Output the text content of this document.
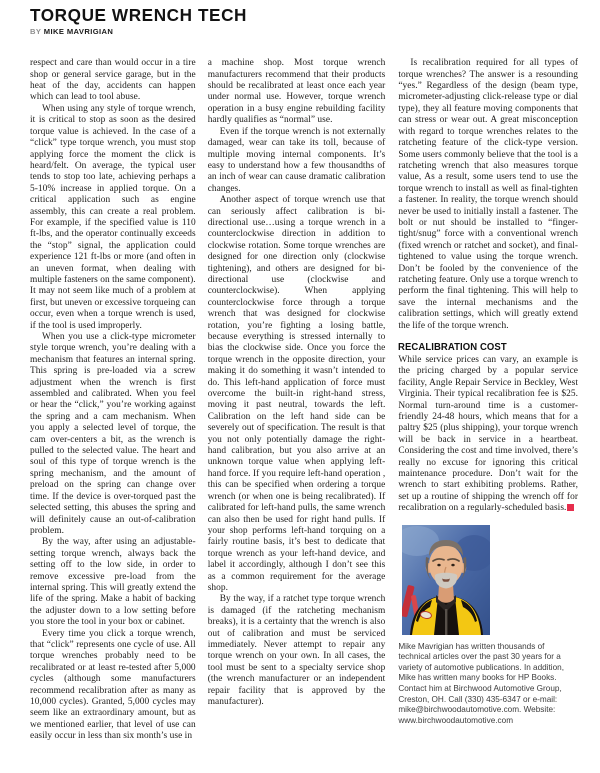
TORQUE WRENCH TECH
BY MIKE MAVRIGIAN

respect and care than would occur in a tire shop or general service garage, but in the heat of the day, accidents can happen which can lead to tool abuse.

When using any style of torque wrench, it is critical to stop as soon as the desired torque value is achieved. In the case of a “click” type torque wrench, you must stop applying force the moment the click is heard/felt. On average, the typical user tends to stop too late, achieving perhaps a 5-10% increase in applied torque. On a critical application such as engine assembly, this can create a real problem. For example, if the specified value is 110 ft-lbs, and the operator continually exceeds the “stop” signal, the application could experience 121 ft-lbs or more (and often in an uneven format, when dealing with multiple fasteners on the same component). It may not seem like much of a problem at first, but uneven or excessive torqueing can occur, even when a torque wrench is used, if the tool is used improperly.

When you use a click-type micrometer style torque wrench, you’re dealing with a mechanism that features an internal spring. This spring is pre-loaded via a screw adjustment when the wrench is first assembled and calibrated. When you feel or hear the “click,” you’re working against the spring and a cam mechanism. When you apply a selected level of torque, the cam over-centers a bit, as the wrench is pulled to the selected value. The heart and soul of this type of torque wrench is the spring mechanism, and the amount of preload on the spring can change over time. If the device is over-torqued past the selected setting, this abuses the spring and will definitely cause an out-of-calibration problem.

By the way, after using an adjustable-setting torque wrench, always back the setting off to the low side, in order to remove excessive pre-load from the internal spring. This will greatly extend the life of the spring. Make a habit of backing the adjuster down to a low setting before you store the tool in your box or cabinet.

Every time you click a torque wrench, that “click” represents one cycle of use. All torque wrenches probably need to be recalibrated or at least re-tested after 5,000 cycles (although some manufacturers recommend recalibration after as many as 10,000 cycles). Granted, 5,000 cycles may seem like an extraordinary amount, but as we mentioned earlier, that level of use can easily occur in less than six month’s use in

a machine shop. Most torque wrench manufacturers recommend that their products should be recalibrated at least once each year under normal use. However, torque wrench operation in a busy engine rebuilding facility hardly qualifies as “normal” use.

Even if the torque wrench is not externally damaged, wear can take its toll, because of multiple moving internal components. It’s easy to understand how a few thousandths of an inch of wear can cause dramatic calibration changes.

Another aspect of torque wrench use that can seriously affect calibration is bi-directional use…using a torque wrench in a counterclockwise direction in addition to clockwise rotation. Some torque wrenches are designed for one direction only (clockwise tightening), and others are designed for bi-directional use (clockwise and counterclockwise). When applying counterclockwise force through a torque wrench that was designed for clockwise rotation, you’re fighting a losing battle, because everything is stressed internally to bias the clockwise side. Once you force the torque wrench in the opposite direction, your making it do something it wasn’t intended to do. This left-hand application of force must overcome the built-in right-hand stress, moving it past neutral, towards the left. Calibration on the left hand side can be severely out of specification. The result is that you not only potentially damage the right-hand calibration, but you also arrive at an unknown torque value when applying left-hand force. If you require left-hand operation , this can be specified when ordering a torque wrench (or when one is being recalibrated). If calibrated for left-hand pulls, the same wrench can also then be used for right hand pulls. If your shop performs left-hand torquing on a fairly routine basis, it’s best to dedicate that torque wrench as your left-hand device, and label it accordingly, although I don’t see this as a common requirement for the average shop.

By the way, if a ratchet type torque wrench is damaged (if the ratcheting mechanism breaks), it is a certainty that the wrench is also out of calibration and must be serviced immediately. Never attempt to repair any torque wrench on your own. In all cases, the tool must be sent to a specialty service shop (the wrench manufacturer or an independent repair facility that is approved by the manufacturer).

Is recalibration required for all types of torque wrenches? The answer is a resounding “yes.” Regardless of the design (beam type, micrometer-adjusting click-release type or dial type), they all feature moving components that can stress or wear out. A great misconception with regard to torque wrenches relates to the ratcheting feature of the click-type version. Some users commonly believe that the tool is a ratcheting wrench that also measures torque value, As a result, some users tend to use the torque wrench to install as well as final-tighten a fastener. In reality, the torque wrench should never be used to initially install a fastener. The bolt or nut should be installed to “finger-tight/snug” force with a conventional wrench (fixed wrench or ratchet and socket), and final-tightened to value using the torque wrench. Don’t be fooled by the convenience of the ratcheting feature. Only use a torque wrench to perform the final tightening. This will help to save the internal mechanisms and the calibration settings, which will greatly extend the life of the torque wrench.

RECALIBRATION COST

While service prices can vary, an example is the pricing charged by a popular service facility, Angle Repair Service in Beckley, West Virginia. Their typical recalibration fee is $25. Normal turn-around time is a customer-friendly 24-48 hours, which means that for a paltry $25 (plus shipping), your torque wrench will be back in service in a heartbeat. Considering the cost and time involved, there’s really no excuse for ignoring this critical maintenance procedure. Don’t wait for the wrench to start exhibiting problems. Rather, set up a routine of shipping the wrench off for recalibration on a regularly-scheduled basis.

Mike Mavrigian has written thousands of technical articles over the past 30 years for a variety of automotive publications. In addition, Mike has written many books for HP Books. Contact him at Birchwood Automotive Group, Creston, OH. Call (330) 435-6347 or e-mail: mike@birchwoodautomotive.com. Website: www.birchwoodautomotive.com
